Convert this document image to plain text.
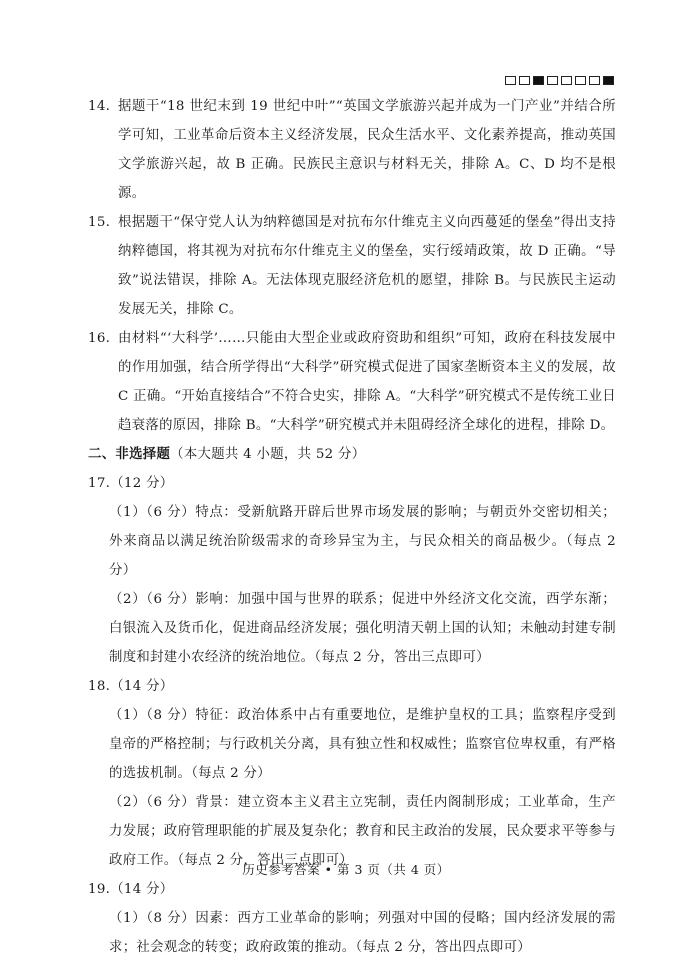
14. 据题干“18 世纪末到 19 世纪中叶”“英国文学旅游兴起并成为一门产业”并结合所学可知，工业革命后资本主义经济发展，民众生活水平、文化素养提高，推动英国文学旅游兴起，故 B 正确。民族民主意识与材料无关，排除 A。C、D 均不是根源。
15. 根据题干“保守党人认为纳粹德国是对抗布尔什维克主义向西蔓延的堡垒”得出支持纳粹德国，将其视为对抗布尔什维克主义的堡垒，实行绥靖政策，故 D 正确。“导致”说法错误，排除 A。无法体现克服经济危机的愿望，排除 B。与民族民主运动发展无关，排除 C。
16. 由材料“‘大科学’……只能由大型企业或政府资助和组织”可知，政府在科技发展中的作用加强，结合所学得出“大科学”研究模式促进了国家垄断资本主义的发展，故 C 正确。“开始直接结合”不符合史实，排除 A。“大科学”研究模式不是传统工业日趋衰落的原因，排除 B。“大科学”研究模式并未阻碍经济全球化的进程，排除 D。
二、非选择题（本大题共 4 小题，共 52 分）
17.（12 分）
（1）（6 分）特点：受新航路开辟后世界市场发展的影响；与朝贡外交密切相关；外来商品以满足统治阶级需求的奇珍异宝为主，与民众相关的商品极少。（每点 2 分）
（2）（6 分）影响：加强中国与世界的联系；促进中外经济文化交流，西学东渐；白银流入及货币化，促进商品经济发展；强化明清天朝上国的认知；未触动封建专制制度和封建小农经济的统治地位。（每点 2 分，答出三点即可）
18.（14 分）
（1）（8 分）特征：政治体系中占有重要地位，是维护皇权的工具；监察程序受到皇帝的严格控制；与行政机关分离，具有独立性和权威性；监察官位卑权重，有严格的选拔机制。（每点 2 分）
（2）（6 分）背景：建立资本主义君主立宪制，责任内阁制形成；工业革命，生产力发展；政府管理职能的扩展及复杂化；教育和民主政治的发展，民众要求平等参与政府工作。（每点 2 分，答出三点即可）
19.（14 分）
（1）（8 分）因素：西方工业革命的影响；列强对中国的侵略；国内经济发展的需求；社会观念的转变；政府政策的推动。（每点 2 分，答出四点即可）
历史参考答案 • 第 3 页（共 4 页）
